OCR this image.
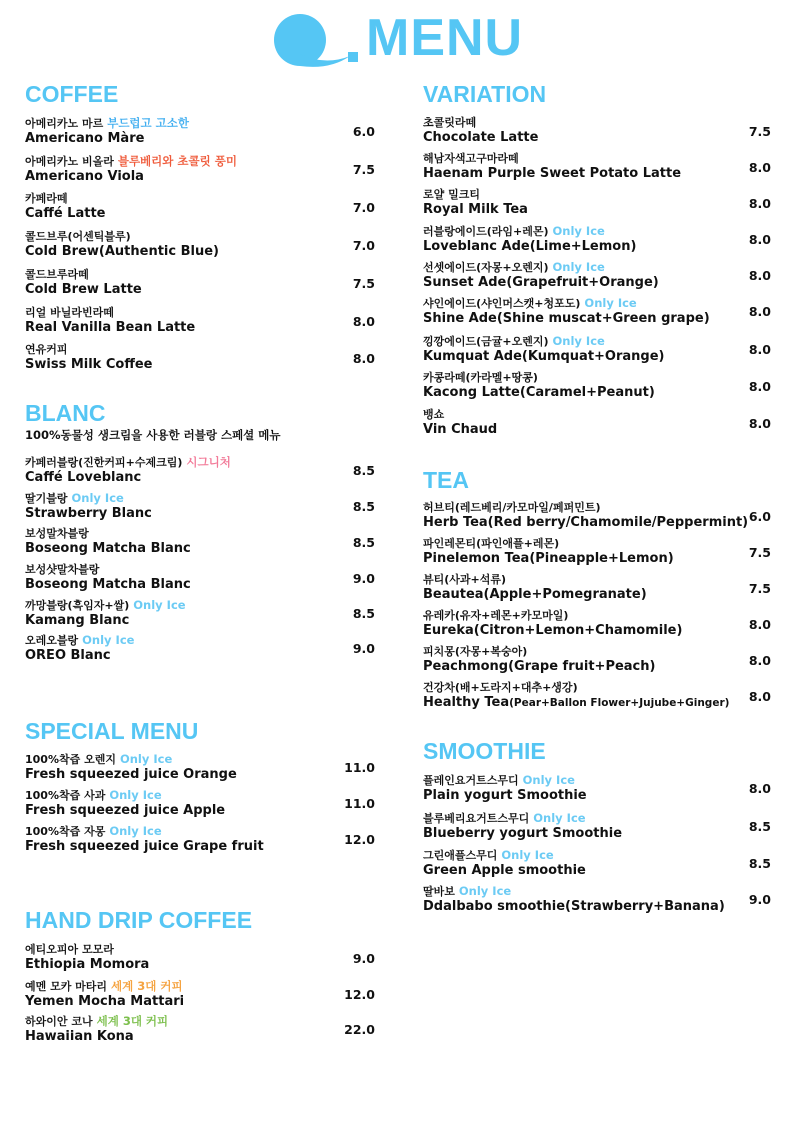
MENU
COFFEE
아메리카노 마르 부드럽고 고소한
Americano Màre	6.0
아메리카노 비올라 블루베리와 초콜릿 풍미
Americano Viola	7.5
카페라떼
Caffé Latte	7.0
콜드브루(어센틱블루)
Cold Brew(Authentic Blue)	7.0
콜드브루라떼
Cold Brew Latte	7.5
리얼 바닐라빈라떼
Real Vanilla Bean Latte	8.0
연유커피
Swiss Milk Coffee	8.0
BLANC
100%동물성 생크림을 사용한 러블랑 스페셜 메뉴
카페러블랑(진한커피+수제크림) 시그니처
Caffé Loveblanc	8.5
딸기블랑 Only Ice
Strawberry Blanc	8.5
보성말차블랑
Boseong Matcha Blanc	8.5
보성샷말차블랑
Boseong Matcha Blanc	9.0
까망블랑(흑임자+쌀) Only Ice
Kamang Blanc	8.5
오레오블랑 Only Ice
OREO Blanc	9.0
SPECIAL MENU
100%착즙 오렌지 Only Ice
Fresh squeezed juice Orange	11.0
100%착즙 사과 Only Ice
Fresh squeezed juice Apple	11.0
100%착즙 자몽 Only Ice
Fresh squeezed juice Grape fruit	12.0
HAND DRIP COFFEE
에티오피아 모모라
Ethiopia Momora	9.0
예멘 모카 마타리 세계 3대 커피
Yemen Mocha Mattari	12.0
하와이안 코나 세계 3대 커피
Hawaiian Kona	22.0
VARIATION
초콜릿라떼
Chocolate Latte	7.5
해남자색고구마라떼
Haenam Purple Sweet Potato Latte	8.0
로얄 밀크티
Royal Milk Tea	8.0
러블랑에이드(라임+레몬) Only Ice
Loveblanc Ade(Lime+Lemon)	8.0
선셋에이드(자몽+오렌지) Only Ice
Sunset Ade(Grapefruit+Orange)	8.0
샤인에이드(샤인머스캣+청포도) Only Ice
Shine Ade(Shine muscat+Green grape)	8.0
낑깡에이드(금귤+오렌지) Only Ice
Kumquat Ade(Kumquat+Orange)	8.0
카콩라떼(카라멜+땅콩)
Kacong Latte(Caramel+Peanut)	8.0
뱅쇼
Vin Chaud	8.0
TEA
허브티(레드베리/카모마일/페퍼민트)
Herb Tea(Red berry/Chamomile/Peppermint) 6.0
파인레몬티(파인애플+레몬)
Pinelemon Tea(Pineapple+Lemon)	7.5
뷰티(사과+석류)
Beautea(Apple+Pomegranate)	7.5
유레카(유자+레몬+카모마일)
Eureka(Citron+Lemon+Chamomile)	8.0
피치몽(자몽+복숭아)
Peachmong(Grape fruit+Peach)	8.0
건강차(배+도라지+대추+생강)
Healthy Tea(Pear+Ballon Flower+Jujube+Ginger)	8.0
SMOOTHIE
플레인요거트스무디 Only Ice
Plain yogurt Smoothie	8.0
블루베리요거트스무디 Only Ice
Blueberry yogurt Smoothie	8.5
그린애플스무디 Only Ice
Green Apple smoothie	8.5
딸바보 Only Ice
Ddalbabo smoothie(Strawberry+Banana)	9.0
